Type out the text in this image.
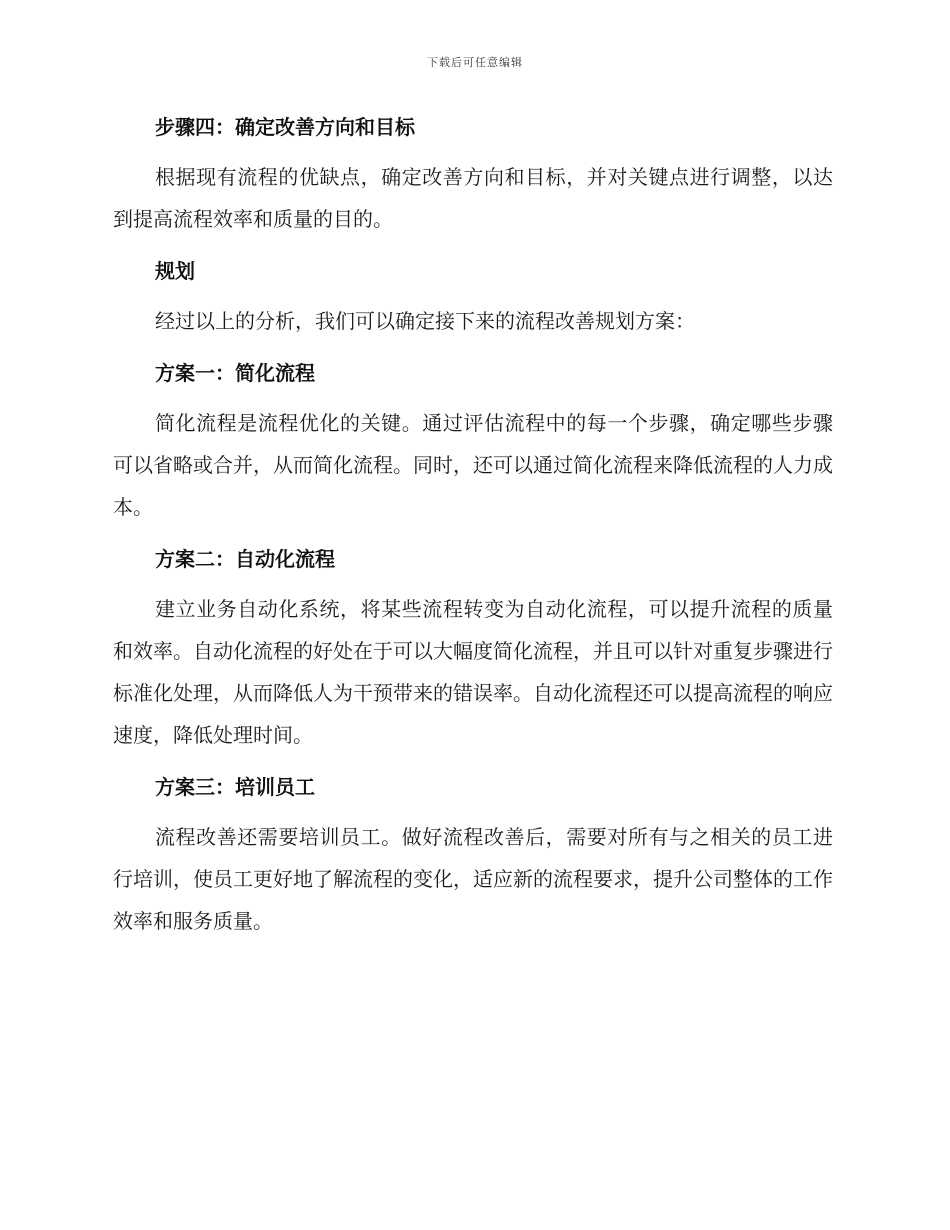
下载后可任意编辑
步骤四：确定改善方向和目标

根据现有流程的优缺点，确定改善方向和目标，并对关键点进行调整，以达到提高流程效率和质量的目的。

规划

经过以上的分析，我们可以确定接下来的流程改善规划方案：

方案一：简化流程

简化流程是流程优化的关键。通过评估流程中的每一个步骤，确定哪些步骤可以省略或合并，从而简化流程。同时，还可以通过简化流程来降低流程的人力成本。

方案二：自动化流程

建立业务自动化系统，将某些流程转变为自动化流程，可以提升流程的质量和效率。自动化流程的好处在于可以大幅度简化流程，并且可以针对重复步骤进行标准化处理，从而降低人为干预带来的错误率。自动化流程还可以提高流程的响应速度，降低处理时间。

方案三：培训员工

流程改善还需要培训员工。做好流程改善后，需要对所有与之相关的员工进行培训，使员工更好地了解流程的变化，适应新的流程要求，提升公司整体的工作效率和服务质量。
